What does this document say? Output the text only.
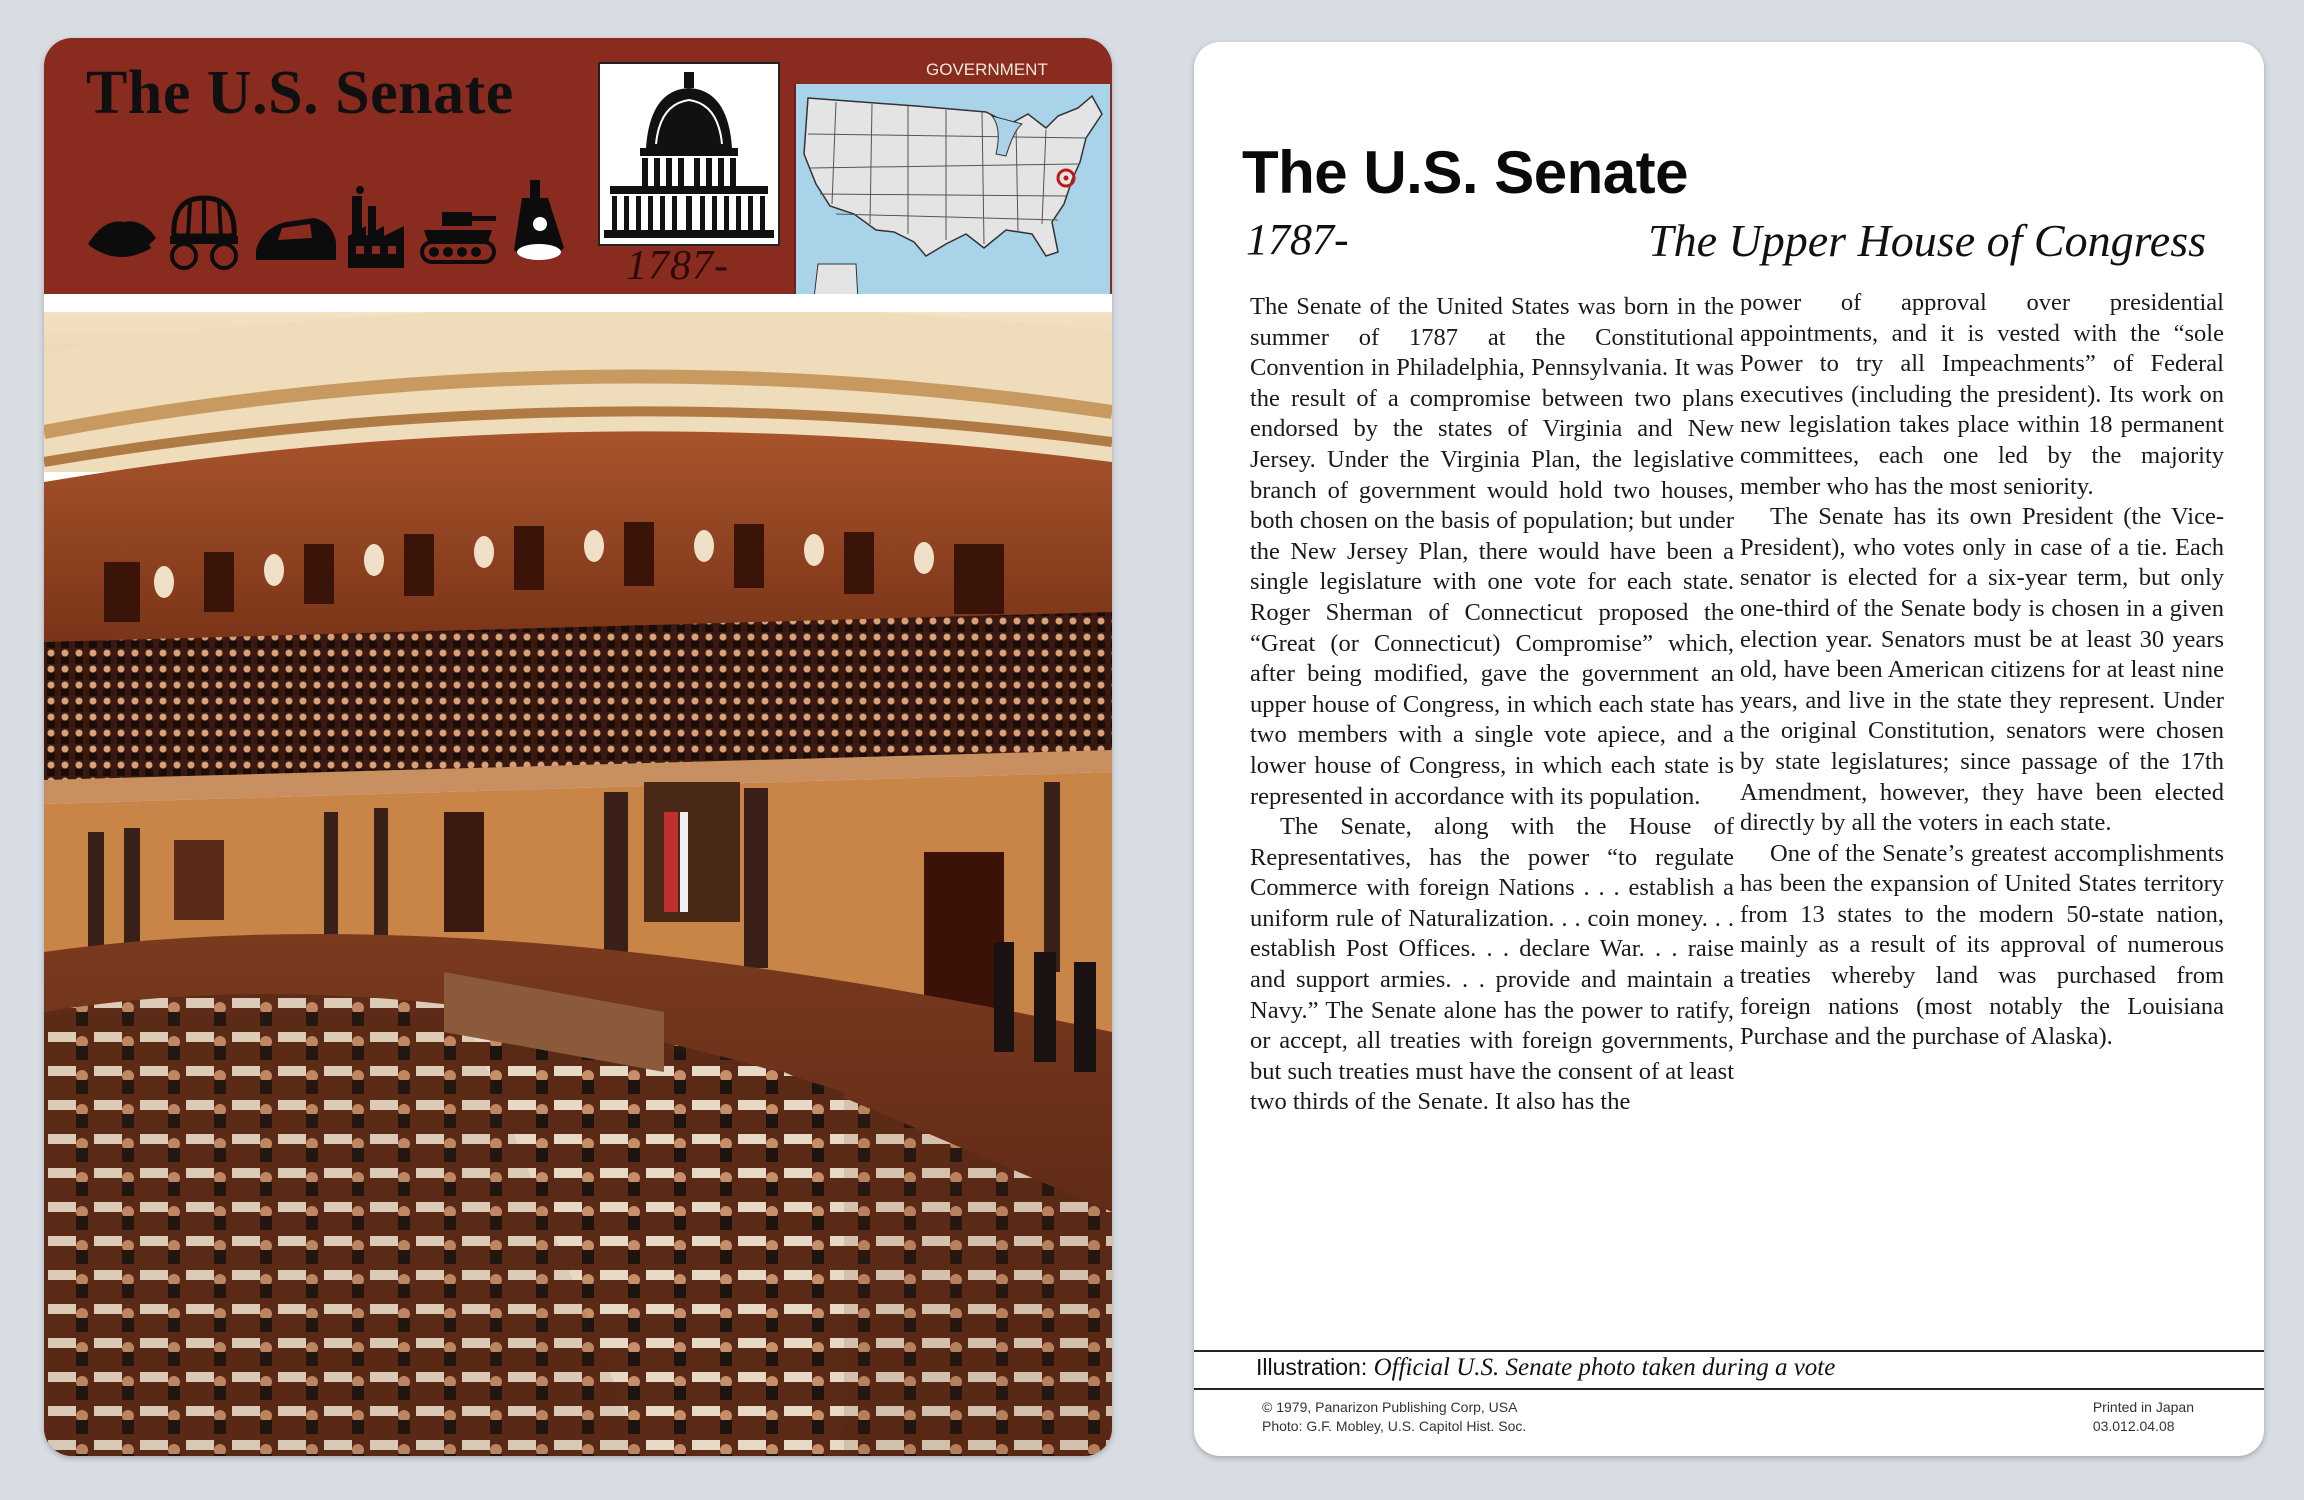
The U.S. Senate	GOVERNMENT
1787-
The U.S. Senate
1787-	The Upper House of Congress

The Senate of the United States was born in the summer of 1787 at the Constitutional Convention in Philadelphia, Pennsylvania. It was the result of a compromise between two plans endorsed by the states of Virginia and New Jersey. Under the Virginia Plan, the legislative branch of government would hold two houses, both chosen on the basis of population; but under the New Jersey Plan, there would have been a single legislature with one vote for each state. Roger Sherman of Connecticut proposed the “Great (or Connecticut) Compromise” which, after being modified, gave the government an upper house of Congress, in which each state has two members with a single vote apiece, and a lower house of Congress, in which each state is represented in accordance with its population.

The Senate, along with the House of Representatives, has the power “to regulate Commerce with foreign Nations . . . establish a uniform rule of Naturalization. . . coin money. . . establish Post Offices. . . declare War. . . raise and support armies. . . provide and maintain a Navy.” The Senate alone has the power to ratify, or accept, all treaties with foreign governments, but such treaties must have the consent of at least two thirds of the Senate. It also has the

power of approval over presidential appointments, and it is vested with the “sole Power to try all Impeachments” of Federal executives (including the president). Its work on new legislation takes place within 18 permanent committees, each one led by the majority member who has the most seniority.

The Senate has its own President (the Vice-President), who votes only in case of a tie. Each senator is elected for a six-year term, but only one-third of the Senate body is chosen in a given election year. Senators must be at least 30 years old, have been American citizens for at least nine years, and live in the state they represent. Under the original Constitution, senators were chosen by state legislatures; since passage of the 17th Amendment, however, they have been elected directly by all the voters in each state.

One of the Senate’s greatest accomplishments has been the expansion of United States territory from 13 states to the modern 50-state nation, mainly as a result of its approval of numerous treaties whereby land was purchased from foreign nations (most notably the Louisiana Purchase and the purchase of Alaska).

Illustration: Official U.S. Senate photo taken during a vote
© 1979, Panarizon Publishing Corp, USA
Photo: G.F. Mobley, U.S. Capitol Hist. Soc.
Printed in Japan
03.012.04.08
